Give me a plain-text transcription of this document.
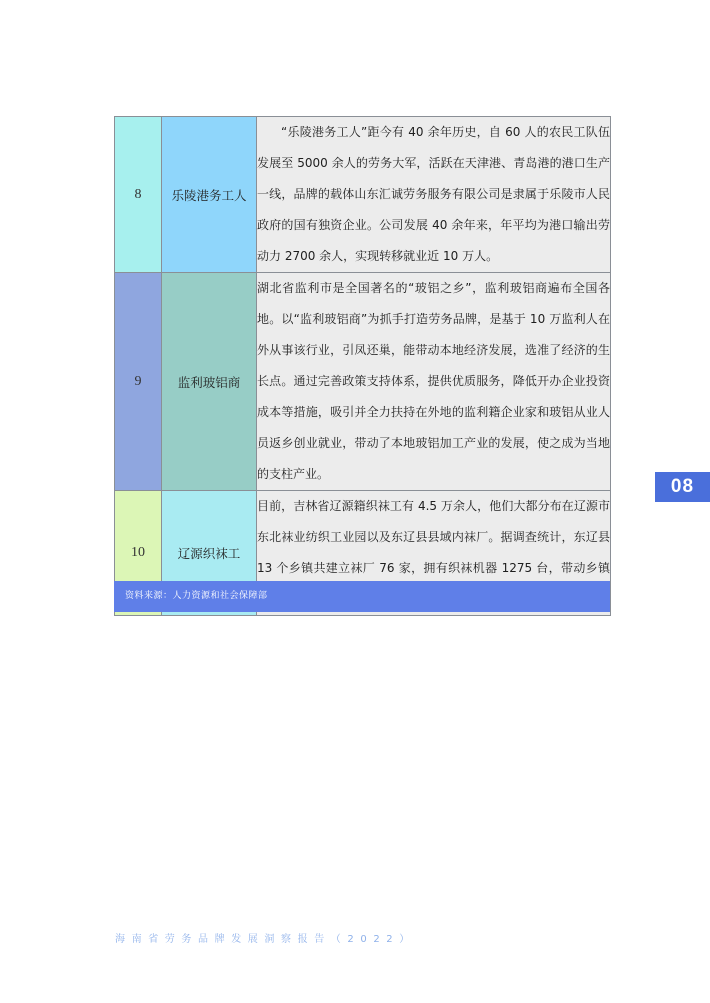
8	乐陵港务工人	“乐陵港务工人”距今有 40 余年历史，自 60 人的农民工队伍发展至 5000 余人的劳务大军，活跃在天津港、青岛港的港口生产一线，品牌的载体山东汇诚劳务服务有限公司是隶属于乐陵市人民政府的国有独资企业。公司发展 40 余年来，年平均为港口输出劳动力 2700 余人，实现转移就业近 10 万人。
9	监利玻铝商	湖北省监利市是全国著名的“玻铝之乡”，监利玻铝商遍布全国各地。以“监利玻铝商”为抓手打造劳务品牌，是基于 10 万监利人在外从事该行业，引凤还巢，能带动本地经济发展，选准了经济的生长点。通过完善政策支持体系，提供优质服务，降低开办企业投资成本等措施，吸引并全力扶持在外地的监利籍企业家和玻铝从业人员返乡创业就业，带动了本地玻铝加工产业的发展，使之成为当地的支柱产业。
10	辽源织袜工	目前，吉林省辽源籍织袜工有 4.5 万余人，他们大都分布在辽源市东北袜业纺织工业园以及东辽县县域内袜厂。据调查统计，东辽县 13 个乡镇共建立袜厂 76 家，拥有织袜机器 1275 台，带动乡镇
资料来源：人力资源和社会保障部
08
海南省劳务品牌发展洞察报告（2022）
